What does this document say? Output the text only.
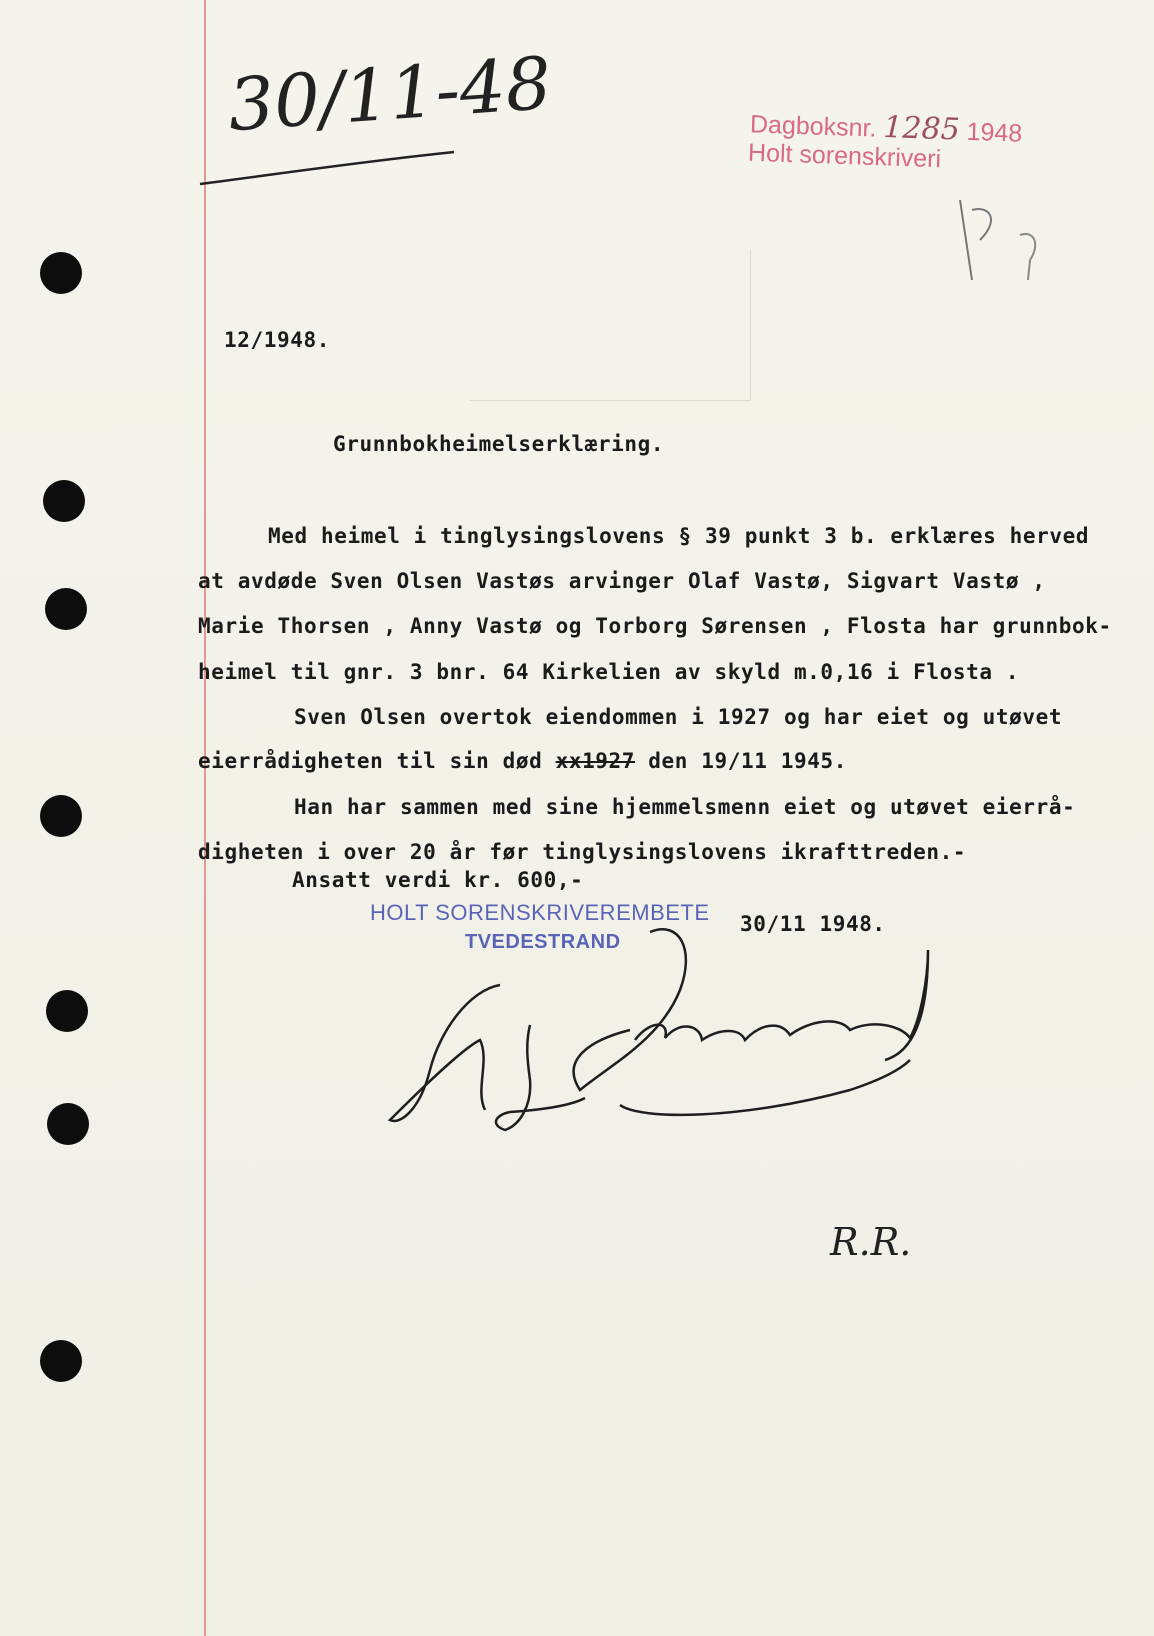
30/11-48	Dagboksnr. 1285 1948
Holt sorenskriveri
12/1948.
Grunnbokheimelserklæring.
Med heimel i tinglysingslovens § 39 punkt 3 b. erklæres herved
at avdøde Sven Olsen Vastøs arvinger Olaf Vastø, Sigvart Vastø ,
Marie Thorsen , Anny Vastø og Torborg Sørensen , Flosta har grunnbok-
heimel til gnr. 3 bnr. 64 Kirkelien av skyld m.0,16 i Flosta .
Sven Olsen overtok eiendommen i 1927 og har eiet og utøvet
eierrådigheten til sin død xx1927 den 19/11 1945.
Han har sammen med sine hjemmelsmenn eiet og utøvet eierrå-
digheten i over 20 år før tinglysingslovens ikrafttreden.-
Ansatt verdi kr. 600,-
HOLT SORENSKRIVEREMBETE
TVEDESTRAND
30/11 1948.
R.R.
